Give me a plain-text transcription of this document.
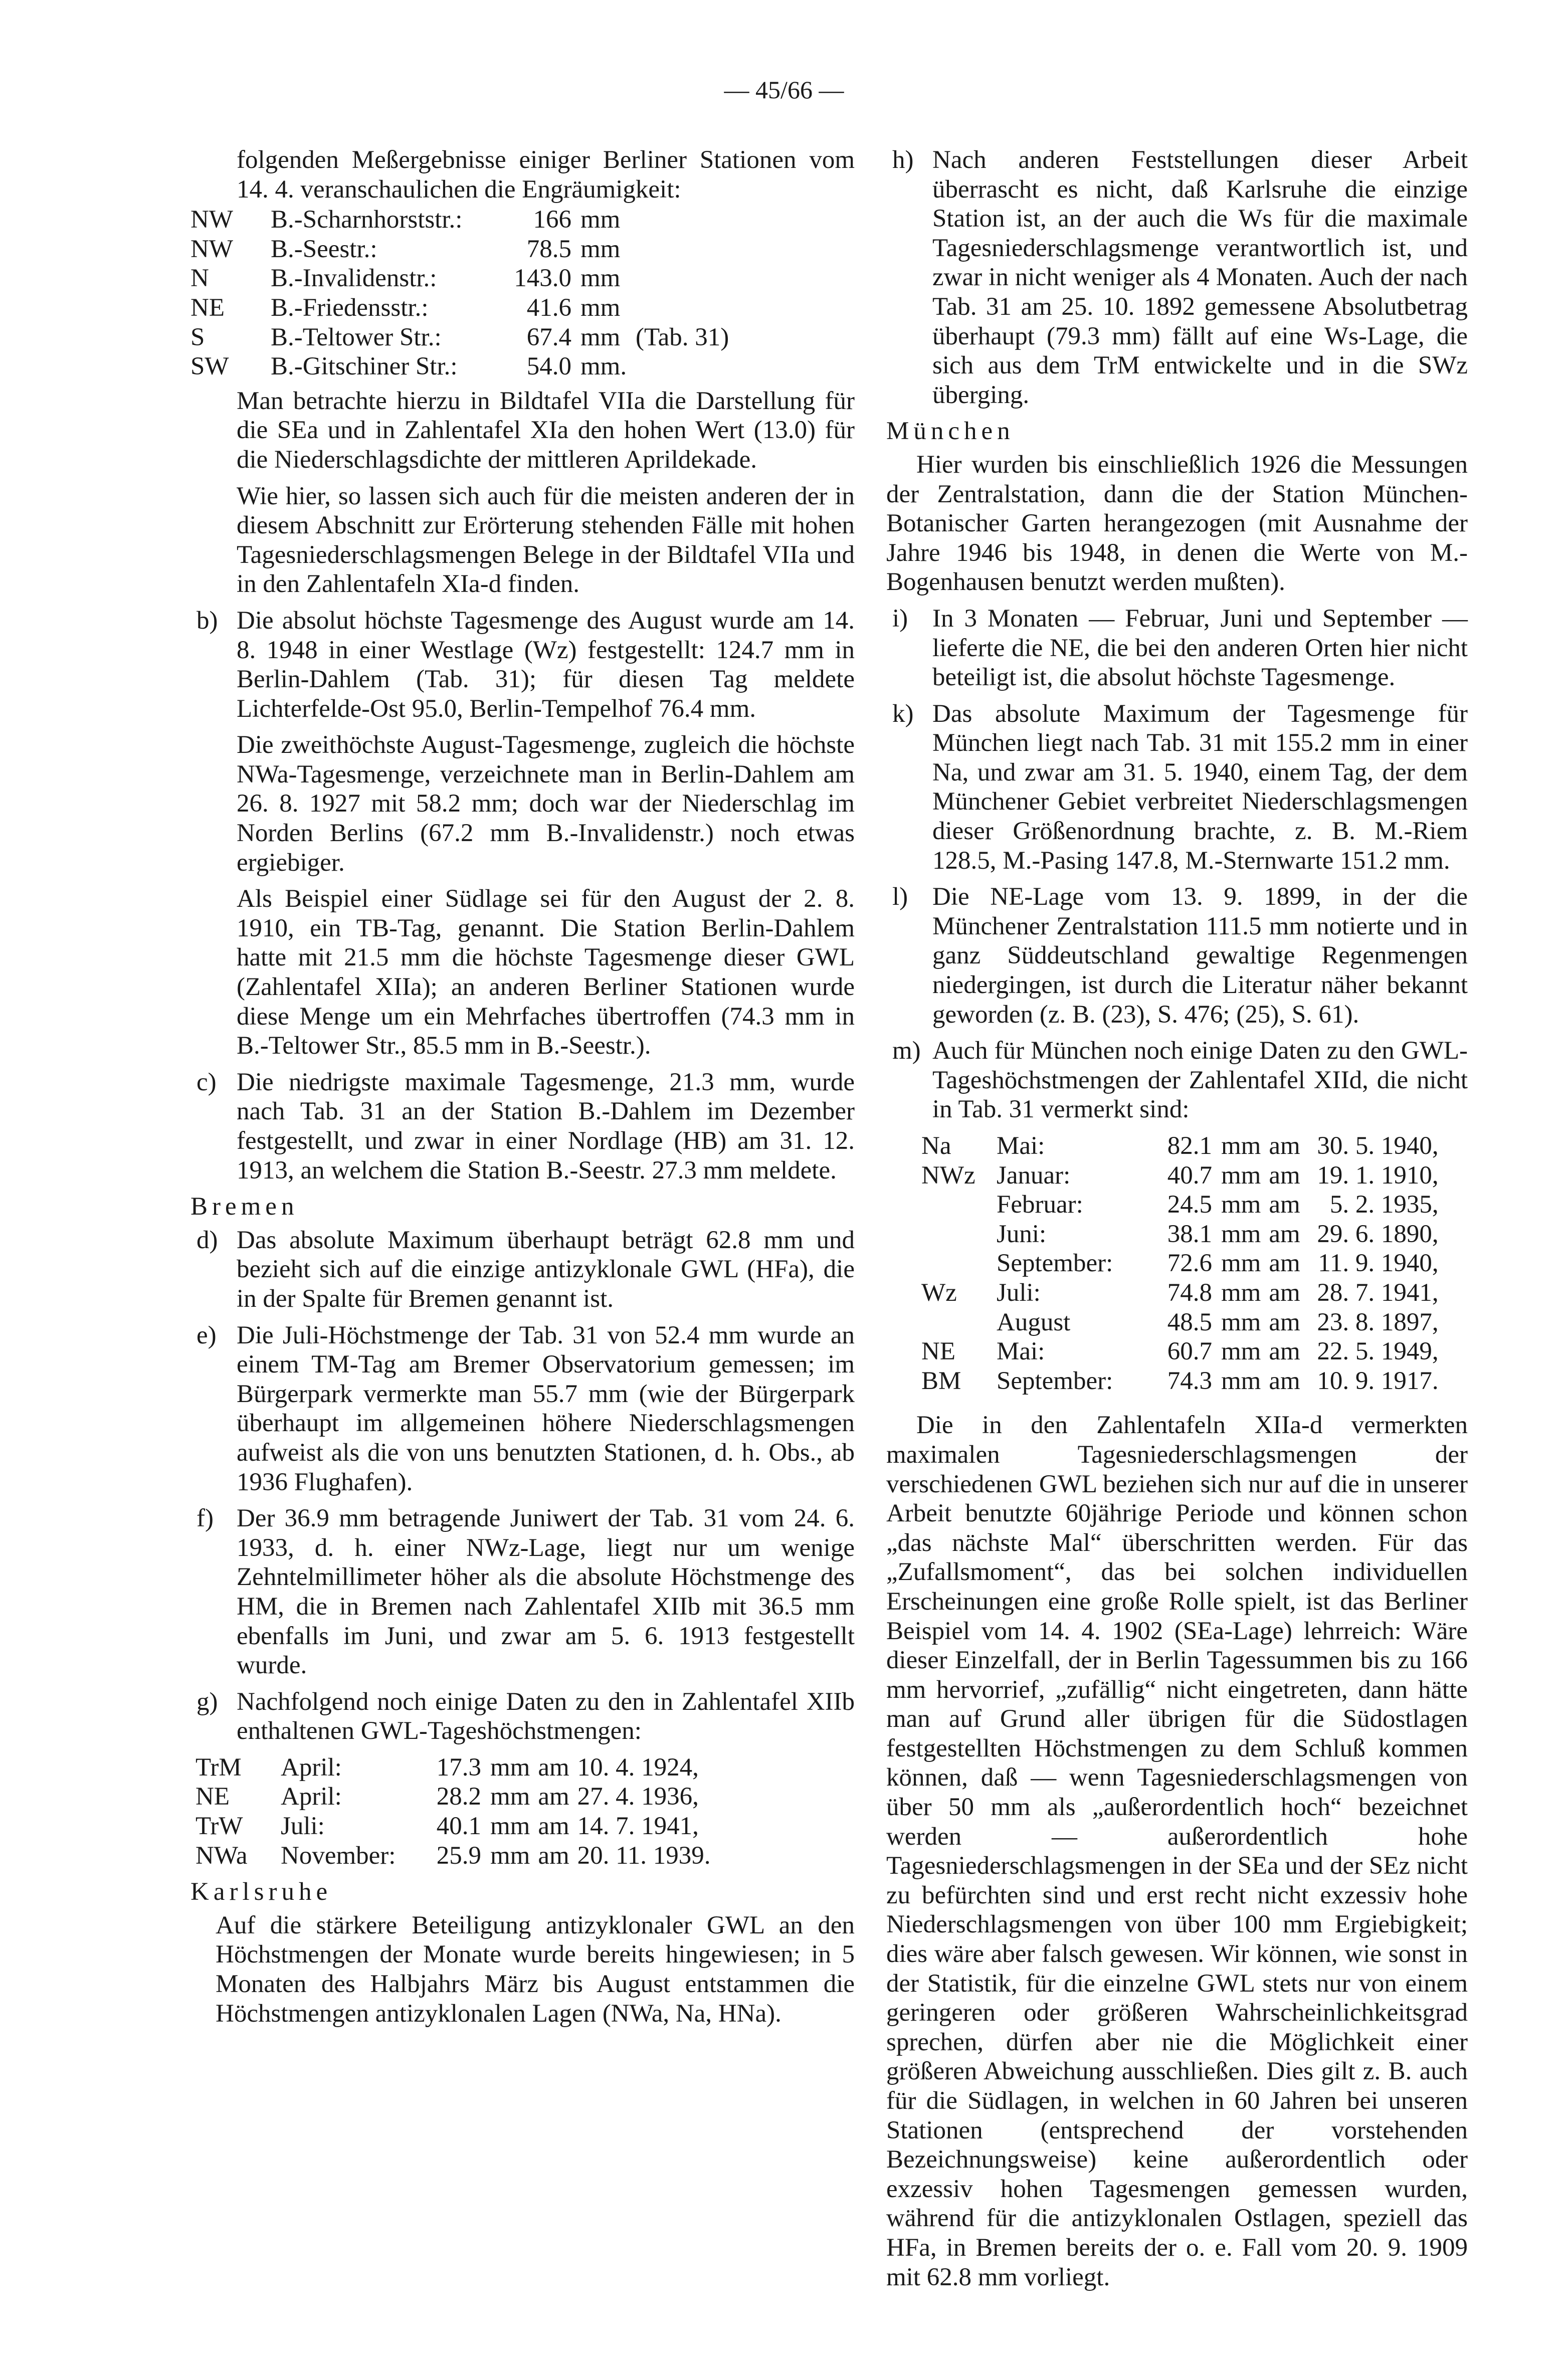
— 45/66 —

folgenden Meßergebnisse einiger Berliner Stationen vom 14. 4. veranschaulichen die Engräumigkeit:

NW	B.-Scharnhorststr.:	166	mm	
NW	B.-Seestr.:	78.5	mm	
N	B.-Invalidenstr.:	143.0	mm	
NE	B.-Friedensstr.:	41.6	mm	
S	B.-Teltower Str.:	67.4	mm	(Tab. 31)
SW	B.-Gitschiner Str.:	54.0	mm.	

Man betrachte hierzu in Bildtafel VIIa die Darstellung für die SEa und in Zahlentafel XIa den hohen Wert (13.0) für die Niederschlagsdichte der mittleren Aprildekade.

Wie hier, so lassen sich auch für die meisten anderen der in diesem Abschnitt zur Erörterung stehenden Fälle mit hohen Tagesniederschlagsmengen Belege in der Bildtafel VIIa und in den Zahlentafeln XIa-d finden.

b) Die absolut höchste Tagesmenge des August wurde am 14. 8. 1948 in einer Westlage (Wz) festgestellt: 124.7 mm in Berlin-Dahlem (Tab. 31); für diesen Tag meldete Lichterfelde-Ost 95.0, Berlin-Tempelhof 76.4 mm.

Die zweithöchste August-Tagesmenge, zugleich die höchste NWa-Tagesmenge, verzeichnete man in Berlin-Dahlem am 26. 8. 1927 mit 58.2 mm; doch war der Niederschlag im Norden Berlins (67.2 mm B.-Invalidenstr.) noch etwas ergiebiger.

Als Beispiel einer Südlage sei für den August der 2. 8. 1910, ein TB-Tag, genannt. Die Station Berlin-Dahlem hatte mit 21.5 mm die höchste Tagesmenge dieser GWL (Zahlentafel XIIa); an anderen Berliner Stationen wurde diese Menge um ein Mehrfaches übertroffen (74.3 mm in B.-Teltower Str., 85.5 mm in B.-Seestr.).

c) Die niedrigste maximale Tagesmenge, 21.3 mm, wurde nach Tab. 31 an der Station B.-Dahlem im Dezember festgestellt, und zwar in einer Nordlage (HB) am 31. 12. 1913, an welchem die Station B.-Seestr. 27.3 mm meldete.

Bremen

d) Das absolute Maximum überhaupt beträgt 62.8 mm und bezieht sich auf die einzige antizyklonale GWL (HFa), die in der Spalte für Bremen genannt ist.

e) Die Juli-Höchstmenge der Tab. 31 von 52.4 mm wurde an einem TM-Tag am Bremer Observatorium gemessen; im Bürgerpark vermerkte man 55.7 mm (wie der Bürgerpark überhaupt im allgemeinen höhere Niederschlagsmengen aufweist als die von uns benutzten Stationen, d. h. Obs., ab 1936 Flughafen).

f) Der 36.9 mm betragende Juniwert der Tab. 31 vom 24. 6. 1933, d. h. einer NWz-Lage, liegt nur um wenige Zehntelmillimeter höher als die absolute Höchstmenge des HM, die in Bremen nach Zahlentafel XIIb mit 36.5 mm ebenfalls im Juni, und zwar am 5. 6. 1913 festgestellt wurde.

g) Nachfolgend noch einige Daten zu den in Zahlentafel XIIb enthaltenen GWL-Tageshöchstmengen:

TrM	April:	17.3	mm	am	10. 4. 1924,
NE	April:	28.2	mm	am	27. 4. 1936,
TrW	Juli:	40.1	mm	am	14. 7. 1941,
NWa	November:	25.9	mm	am	20. 11. 1939.

Karlsruhe

Auf die stärkere Beteiligung antizyklonaler GWL an den Höchstmengen der Monate wurde bereits hingewiesen; in 5 Monaten des Halbjahrs März bis August entstammen die Höchstmengen antizyklonalen Lagen (NWa, Na, HNa).

h) Nach anderen Feststellungen dieser Arbeit überrascht es nicht, daß Karlsruhe die einzige Station ist, an der auch die Ws für die maximale Tagesniederschlagsmenge verantwortlich ist, und zwar in nicht weniger als 4 Monaten. Auch der nach Tab. 31 am 25. 10. 1892 gemessene Absolutbetrag überhaupt (79.3 mm) fällt auf eine Ws-Lage, die sich aus dem TrM entwickelte und in die SWz überging.

München

Hier wurden bis einschließlich 1926 die Messungen der Zentralstation, dann die der Station München-Botanischer Garten herangezogen (mit Ausnahme der Jahre 1946 bis 1948, in denen die Werte von M.-Bogenhausen benutzt werden mußten).

i) In 3 Monaten — Februar, Juni und September — lieferte die NE, die bei den anderen Orten hier nicht beteiligt ist, die absolut höchste Tagesmenge.

k) Das absolute Maximum der Tagesmenge für München liegt nach Tab. 31 mit 155.2 mm in einer Na, und zwar am 31. 5. 1940, einem Tag, der dem Münchener Gebiet verbreitet Niederschlagsmengen dieser Größenordnung brachte, z. B. M.-Riem 128.5, M.-Pasing 147.8, M.-Sternwarte 151.2 mm.

l) Die NE-Lage vom 13. 9. 1899, in der die Münchener Zentralstation 111.5 mm notierte und in ganz Süddeutschland gewaltige Regenmengen niedergingen, ist durch die Literatur näher bekannt geworden (z. B. (23), S. 476; (25), S. 61).

m) Auch für München noch einige Daten zu den GWL-Tageshöchstmengen der Zahlentafel XIId, die nicht in Tab. 31 vermerkt sind:

Na	Mai:	82.1	mm	am	30. 5. 1940,
NWz	Januar:	40.7	mm	am	19. 1. 1910,
	Februar:	24.5	mm	am	5. 2. 1935,
	Juni:	38.1	mm	am	29. 6. 1890,
	September:	72.6	mm	am	11. 9. 1940,
Wz	Juli:	74.8	mm	am	28. 7. 1941,
	August	48.5	mm	am	23. 8. 1897,
NE	Mai:	60.7	mm	am	22. 5. 1949,
BM	September:	74.3	mm	am	10. 9. 1917.

Die in den Zahlentafeln XIIa-d vermerkten maximalen Tagesniederschlagsmengen der verschiedenen GWL beziehen sich nur auf die in unserer Arbeit benutzte 60jährige Periode und können schon „das nächste Mal“ überschritten werden. Für das „Zufallsmoment“, das bei solchen individuellen Erscheinungen eine große Rolle spielt, ist das Berliner Beispiel vom 14. 4. 1902 (SEa-Lage) lehrreich: Wäre dieser Einzelfall, der in Berlin Tagessummen bis zu 166 mm hervorrief, „zufällig“ nicht eingetreten, dann hätte man auf Grund aller übrigen für die Südostlagen festgestellten Höchstmengen zu dem Schluß kommen können, daß — wenn Tagesniederschlagsmengen von über 50 mm als „außerordentlich hoch“ bezeichnet werden — außerordentlich hohe Tagesniederschlagsmengen in der SEa und der SEz nicht zu befürchten sind und erst recht nicht exzessiv hohe Niederschlagsmengen von über 100 mm Ergiebigkeit; dies wäre aber falsch gewesen. Wir können, wie sonst in der Statistik, für die einzelne GWL stets nur von einem geringeren oder größeren Wahrscheinlichkeitsgrad sprechen, dürfen aber nie die Möglichkeit einer größeren Abweichung ausschließen. Dies gilt z. B. auch für die Südlagen, in welchen in 60 Jahren bei unseren Stationen (entsprechend der vorstehenden Bezeichnungsweise) keine außerordentlich oder exzessiv hohen Tagesmengen gemessen wurden, während für die antizyklonalen Ostlagen, speziell das HFa, in Bremen bereits der o. e. Fall vom 20. 9. 1909 mit 62.8 mm vorliegt.
